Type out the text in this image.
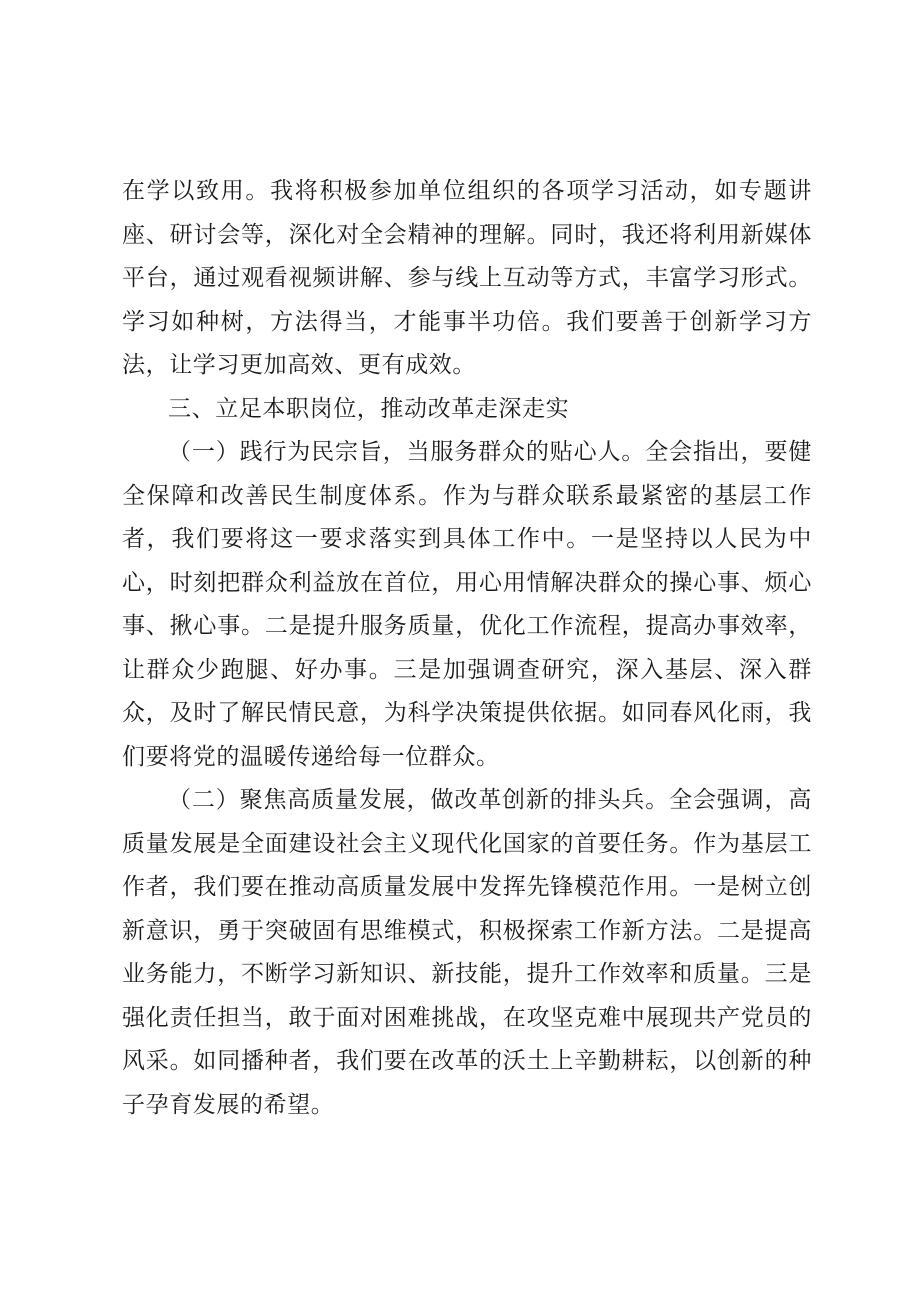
在学以致用。我将积极参加单位组织的各项学习活动，如专题讲座、研讨会等，深化对全会精神的理解。同时，我还将利用新媒体平台，通过观看视频讲解、参与线上互动等方式，丰富学习形式。学习如种树，方法得当，才能事半功倍。我们要善于创新学习方法，让学习更加高效、更有成效。

三、立足本职岗位，推动改革走深走实

（一）践行为民宗旨，当服务群众的贴心人。全会指出，要健全保障和改善民生制度体系。作为与群众联系最紧密的基层工作者，我们要将这一要求落实到具体工作中。一是坚持以人民为中心，时刻把群众利益放在首位，用心用情解决群众的操心事、烦心事、揪心事。二是提升服务质量，优化工作流程，提高办事效率，让群众少跑腿、好办事。三是加强调查研究，深入基层、深入群众，及时了解民情民意，为科学决策提供依据。如同春风化雨，我们要将党的温暖传递给每一位群众。

（二）聚焦高质量发展，做改革创新的排头兵。全会强调，高质量发展是全面建设社会主义现代化国家的首要任务。作为基层工作者，我们要在推动高质量发展中发挥先锋模范作用。一是树立创新意识，勇于突破固有思维模式，积极探索工作新方法。二是提高业务能力，不断学习新知识、新技能，提升工作效率和质量。三是强化责任担当，敢于面对困难挑战，在攻坚克难中展现共产党员的风采。如同播种者，我们要在改革的沃土上辛勤耕耘，以创新的种子孕育发展的希望。
